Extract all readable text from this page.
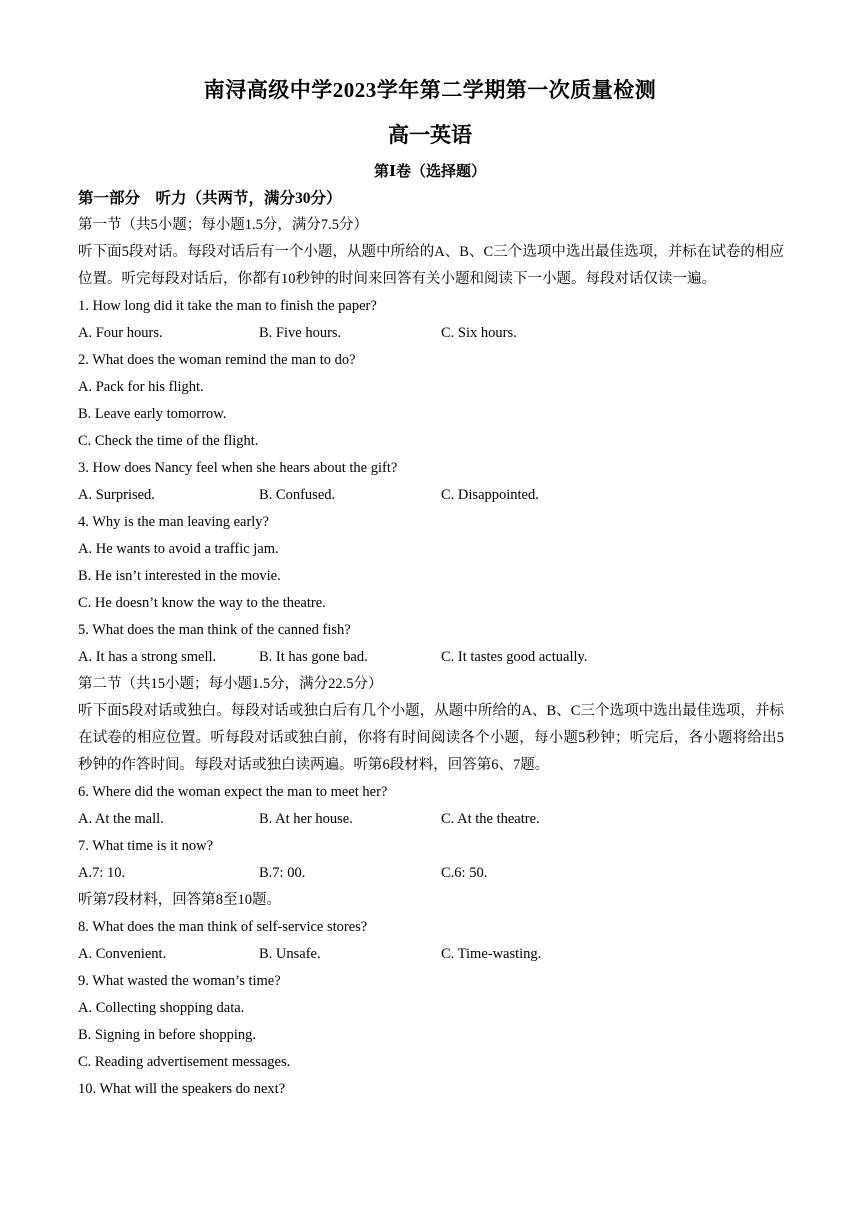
南浔高级中学2023学年第二学期第一次质量检测
高一英语
第Ⅰ卷（选择题）
第一部分　听力（共两节，满分30分）
第一节（共5小题；每小题1.5分，满分7.5分）
听下面5段对话。每段对话后有一个小题，从题中所给的A、B、C三个选项中选出最佳选项，并标在试卷的相应位置。听完每段对话后，你都有10秒钟的时间来回答有关小题和阅读下一小题。每段对话仅读一遍。
1. How long did it take the man to finish the paper?
A. Four hours.	B. Five hours.	C. Six hours.
2. What does the woman remind the man to do?
A. Pack for his flight.
B. Leave early tomorrow.
C. Check the time of the flight.
3. How does Nancy feel when she hears about the gift?
A. Surprised.	B. Confused.	C. Disappointed.
4. Why is the man leaving early?
A. He wants to avoid a traffic jam.
B. He isn’t interested in the movie.
C. He doesn’t know the way to the theatre.
5. What does the man think of the canned fish?
A. It has a strong smell.	B. It has gone bad.	C. It tastes good actually.
第二节（共15小题；每小题1.5分，满分22.5分）
听下面5段对话或独白。每段对话或独白后有几个小题，从题中所给的A、B、C三个选项中选出最佳选项，并标在试卷的相应位置。听每段对话或独白前，你将有时间阅读各个小题，每小题5秒钟；听完后，各小题将给出5秒钟的作答时间。每段对话或独白读两遍。听第6段材料，回答第6、7题。
6. Where did the woman expect the man to meet her?
A. At the mall.	B. At her house.	C. At the theatre.
7. What time is it now?
A.7: 10.	B.7: 00.	C.6: 50.
听第7段材料，回答第8至10题。
8. What does the man think of self-service stores?
A. Convenient.	B. Unsafe.	C. Time-wasting.
9. What wasted the woman’s time?
A. Collecting shopping data.
B. Signing in before shopping.
C. Reading advertisement messages.
10. What will the speakers do next?
